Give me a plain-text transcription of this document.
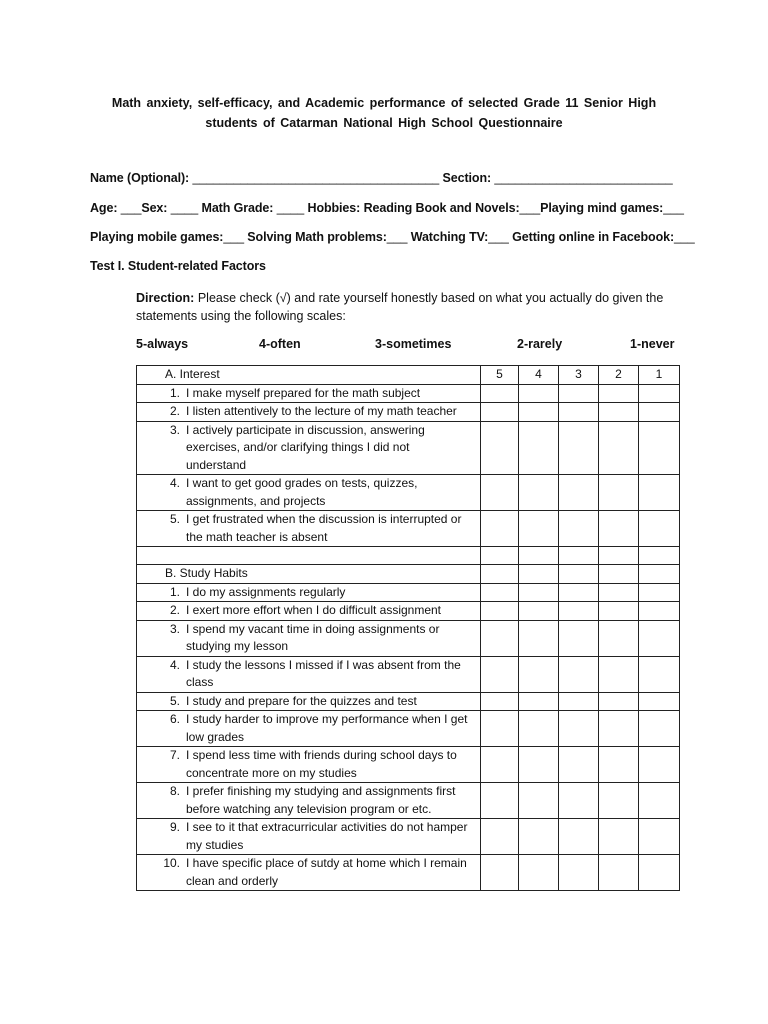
Math anxiety, self-efficacy, and Academic performance of selected Grade 11 Senior High
students of Catarman National High School Questionnaire
Name (Optional): ____________________________________ Section: __________________________
Age: ___Sex: ____ Math Grade: ____ Hobbies: Reading Book and Novels:___Playing mind games:___
Playing mobile games:___ Solving Math problems:___ Watching TV:___ Getting online in Facebook:___
Test I. Student-related Factors
Direction: Please check (√) and rate yourself honestly based on what you actually do given the statements using the following scales:
5-always	4-often	3-sometimes	2-rarely	1-never
A. Interest	5	4	3	2	1
1. I make myself prepared for the math subject					
2. I listen attentively to the lecture of my math teacher					
3. I actively participate in discussion, answering exercises, and/or clarifying things I did not understand					
4. I want to get good grades on tests, quizzes, assignments, and projects					
5. I get frustrated when the discussion is interrupted or the math teacher is absent					

B. Study Habits					
1. I do my assignments regularly					
2. I exert more effort when I do difficult assignment					
3. I spend my vacant time in doing assignments or studying my lesson					
4. I study the lessons I missed if I was absent from the class					
5. I study and prepare for the quizzes and test					
6. I study harder to improve my performance when I get low grades					
7. I spend less time with friends during school days to concentrate more on my studies					
8. I prefer finishing my studying and assignments first before watching any television program or etc.					
9. I see to it that extracurricular activities do not hamper my studies					
10. I have specific place of sutdy at home which I remain clean and orderly					
